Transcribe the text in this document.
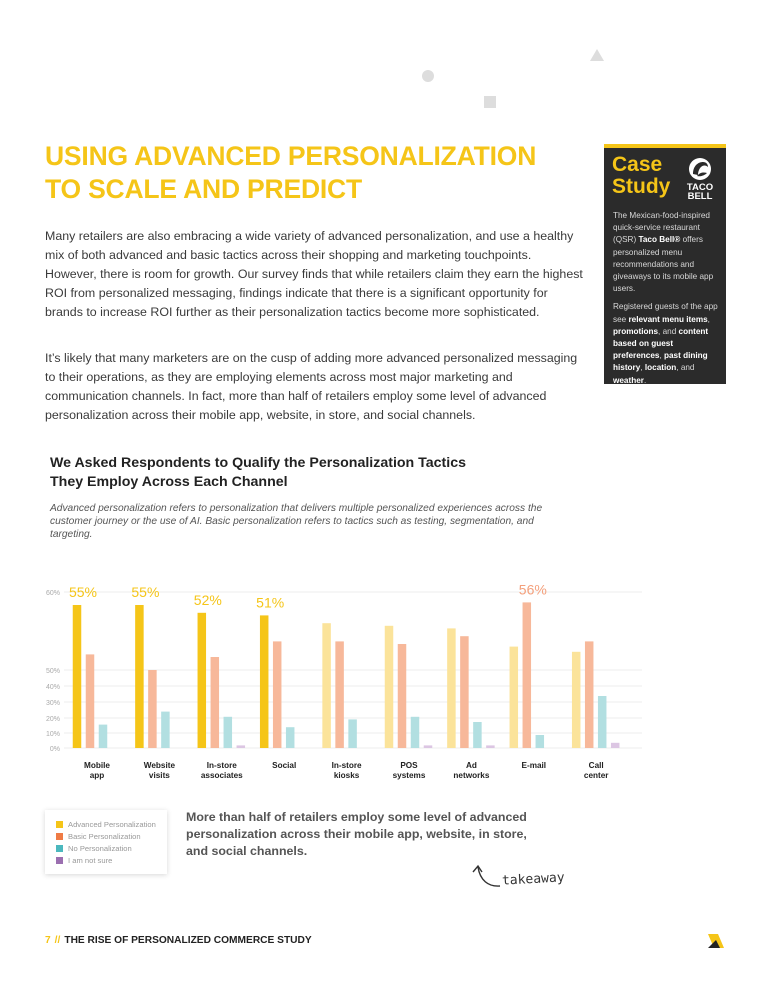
USING ADVANCED PERSONALIZATION
TO SCALE AND PREDICT

Many retailers are also embracing a wide variety of advanced personalization, and use a healthy mix of both advanced and basic tactics across their shopping and marketing touchpoints. However, there is room for growth. Our survey finds that while retailers claim they earn the highest ROI from personalized messaging, findings indicate that there is a significant opportunity for brands to increase ROI further as their personalization tactics become more sophisticated.

It’s likely that many marketers are on the cusp of adding more advanced personalized messaging to their operations, as they are employing elements across most major marketing and communication channels. In fact, more than half of retailers employ some level of advanced personalization across their mobile app, website, in store, and social channels.

Case
Study TACO
BELL

The Mexican-food-inspired quick-service restaurant (QSR) Taco Bell® offers personalized menu recommendations and giveaways to its mobile app users.

Registered guests of the app see relevant menu items, promotions, and content based on guest preferences, past dining history, location, and weather.

We Asked Respondents to Qualify the Personalization Tactics
They Employ Across Each Channel
Advanced personalization refers to personalization that delivers multiple personalized experiences across the customer journey or the use of AI. Basic personalization refers to tactics such as testing, segmentation, and targeting.
0%
10%
20%
30%
40%
50%
60%
Mobile
app
Website
visits
In-store
associates
Social	In-store
kiosks
POS
systems
Ad
networks
E-mail	Call
center
55% 55% 52% 51%
56%
Advanced Personalization
Basic Personalization
No Personalization
I am not sure
More than half of retailers employ some level of advanced
personalization across their mobile app, website, in store,
and social channels.
takeaway
7 // THE RISE OF PERSONALIZED COMMERCE STUDY
